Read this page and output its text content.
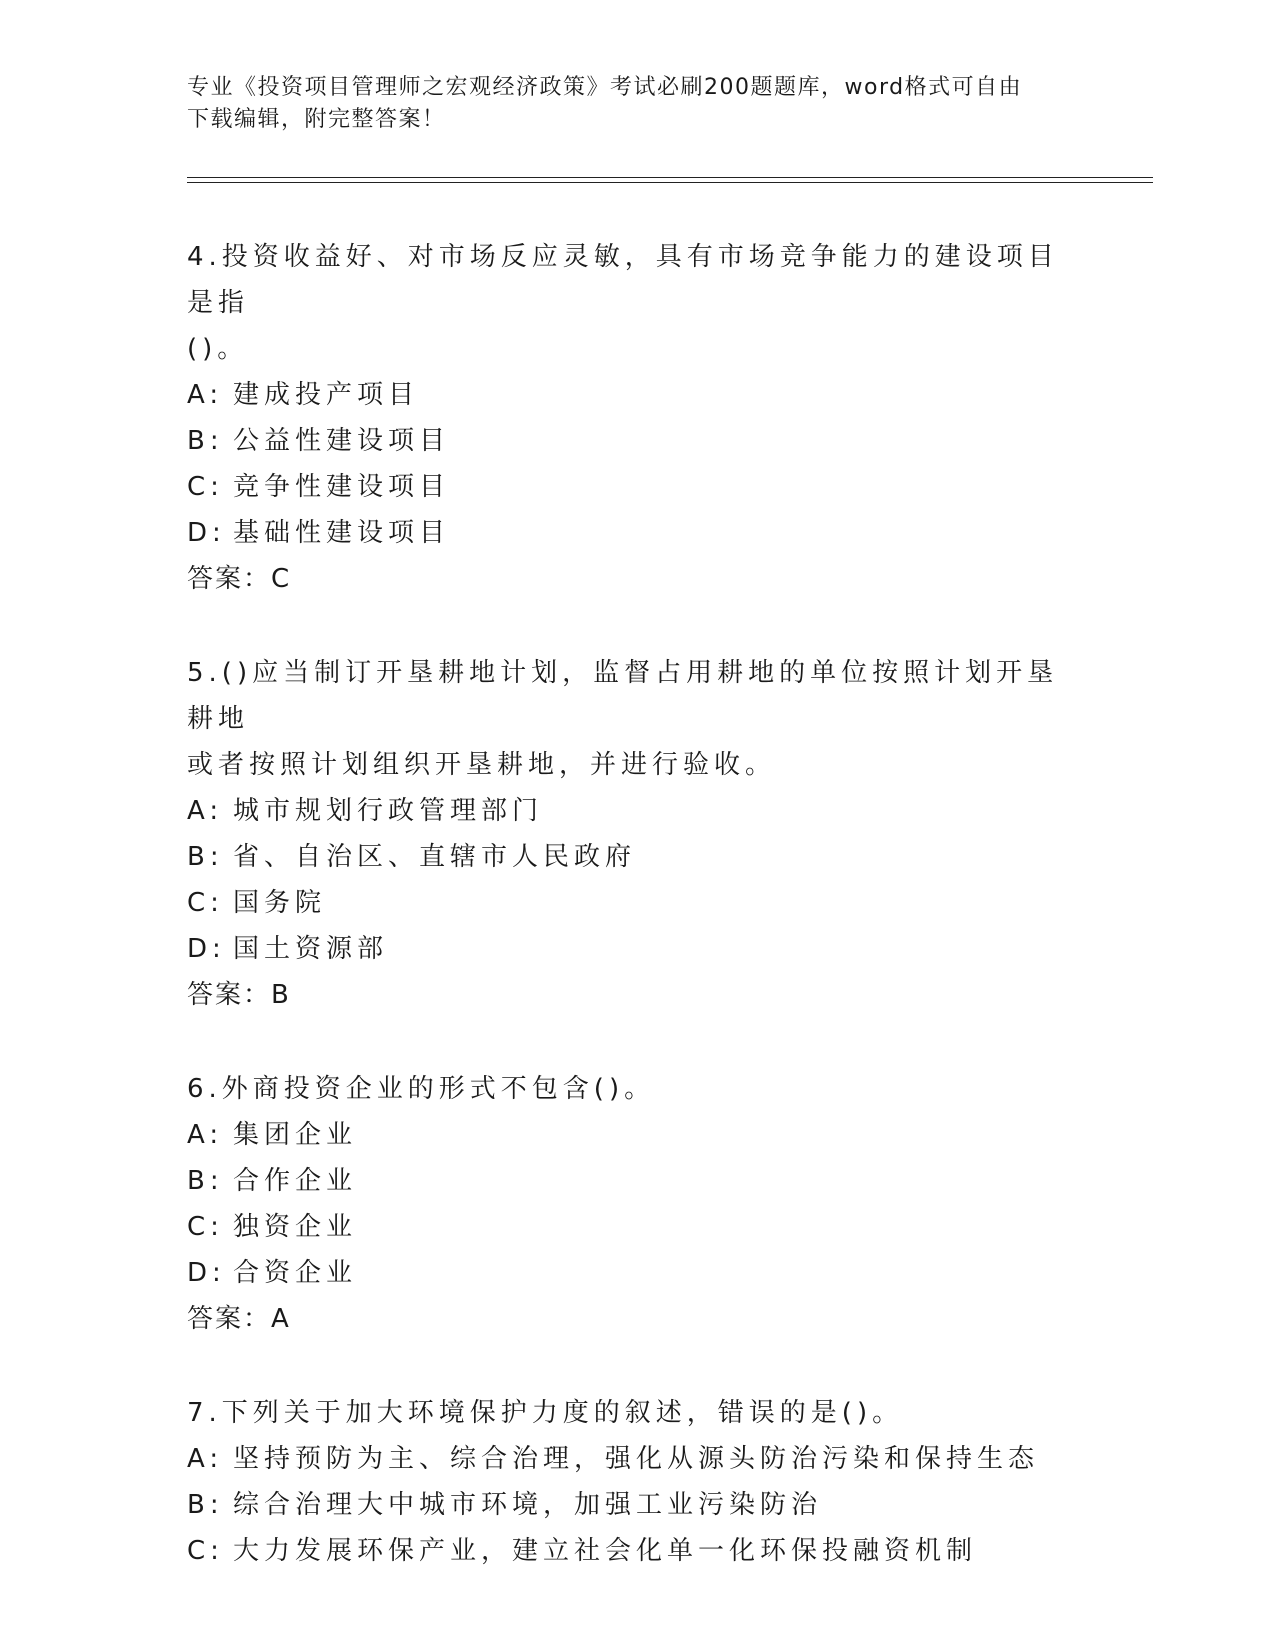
专业《投资项目管理师之宏观经济政策》考试必刷200题题库，word格式可自由
下载编辑，附完整答案！

4.投资收益好、对市场反应灵敏，具有市场竞争能力的建设项目是指

()。

A: 建成投产项目

B: 公益性建设项目

C: 竞争性建设项目

D: 基础性建设项目

答案：C

5.()应当制订开垦耕地计划，监督占用耕地的单位按照计划开垦耕地

或者按照计划组织开垦耕地，并进行验收。

A: 城市规划行政管理部门

B: 省、自治区、直辖市人民政府

C: 国务院

D: 国土资源部

答案：B

6.外商投资企业的形式不包含()。

A: 集团企业

B: 合作企业

C: 独资企业

D: 合资企业

答案：A

7.下列关于加大环境保护力度的叙述，错误的是()。

A: 坚持预防为主、综合治理，强化从源头防治污染和保持生态

B: 综合治理大中城市环境，加强工业污染防治

C: 大力发展环保产业，建立社会化单一化环保投融资机制
